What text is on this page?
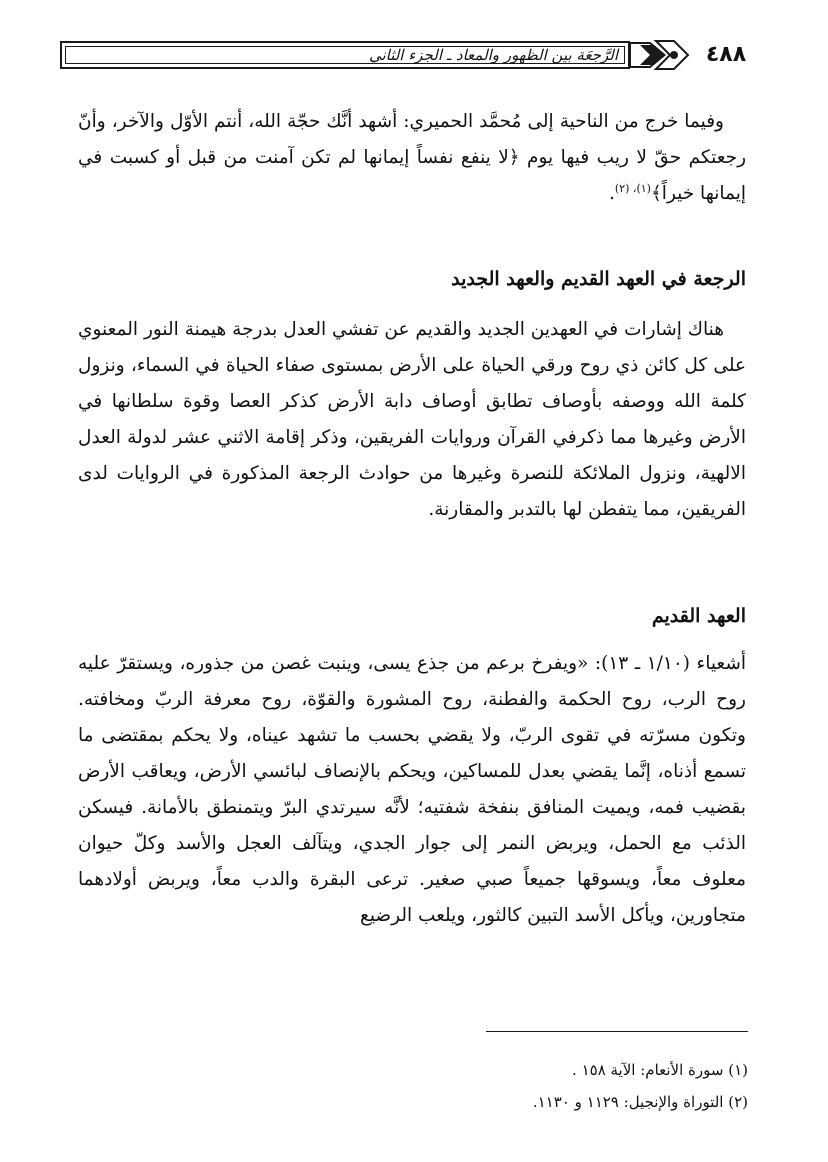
الرَّجعَة بين الظهور والمعاد ـ الجزء الثاني	٤٨٨

وفيما خرج من الناحية إلى مُحمَّد الحميري: أشهد أنَّك حجّة الله، أنتم الأوّل والآخر، وأنّ رجعتكم حقّ لا ريب فيها يوم ﴿لا ينفع نفساً إيمانها لم تكن آمنت من قبل أو كسبت في إيمانها خيراً﴾$^{(١)، (٢)}$.

الرجعة في العهد القديم والعهد الجديد

هناك إشارات في العهدين الجديد والقديم عن تفشي العدل بدرجة هيمنة النور المعنوي على كل كائن ذي روح ورقي الحياة على الأرض بمستوى صفاء الحياة في السماء، ونزول كلمة الله ووصفه بأوصاف تطابق أوصاف دابة الأرض كذكر العصا وقوة سلطانها في الأرض وغيرها مما ذكرفي القرآن وروايات الفريقين، وذكر إقامة الاثني عشر لدولة العدل الالهية، ونزول الملائكة للنصرة وغيرها من حوادث الرجعة المذكورة في الروايات لدى الفريقين، مما يتفطن لها بالتدبر والمقارنة.

العهد القديم

أشعياء (١/١٠ ـ ١٣): «ويفرخ برعم من جذع يسى، وينبت غصن من جذوره، ويستقرّ عليه روح الرب، روح الحكمة والفطنة، روح المشورة والقوّة، روح معرفة الربّ ومخافته. وتكون مسرّته في تقوى الربّ، ولا يقضي بحسب ما تشهد عيناه، ولا يحكم بمقتضى ما تسمع أذناه، إنَّما يقضي بعدل للمساكين، ويحكم بالإنصاف لبائسي الأرض، ويعاقب الأرض بقضيب فمه، ويميت المنافق بنفخة شفتيه؛ لأنَّه سيرتدي البرّ ويتمنطق بالأمانة. فيسكن الذئب مع الحمل، ويربض النمر إلى جوار الجدي، ويتآلف العجل والأسد وكلّ حيوان معلوف معاً، ويسوقها جميعاً صبي صغير. ترعى البقرة والدب معاً، ويربض أولادهما متجاورين، ويأكل الأسد التبين كالثور، ويلعب الرضيع

(١) سورة الأنعام: الآية ١٥٨ .

(٢) التوراة والإنجيل: ١١٢٩ و ١١٣٠.
